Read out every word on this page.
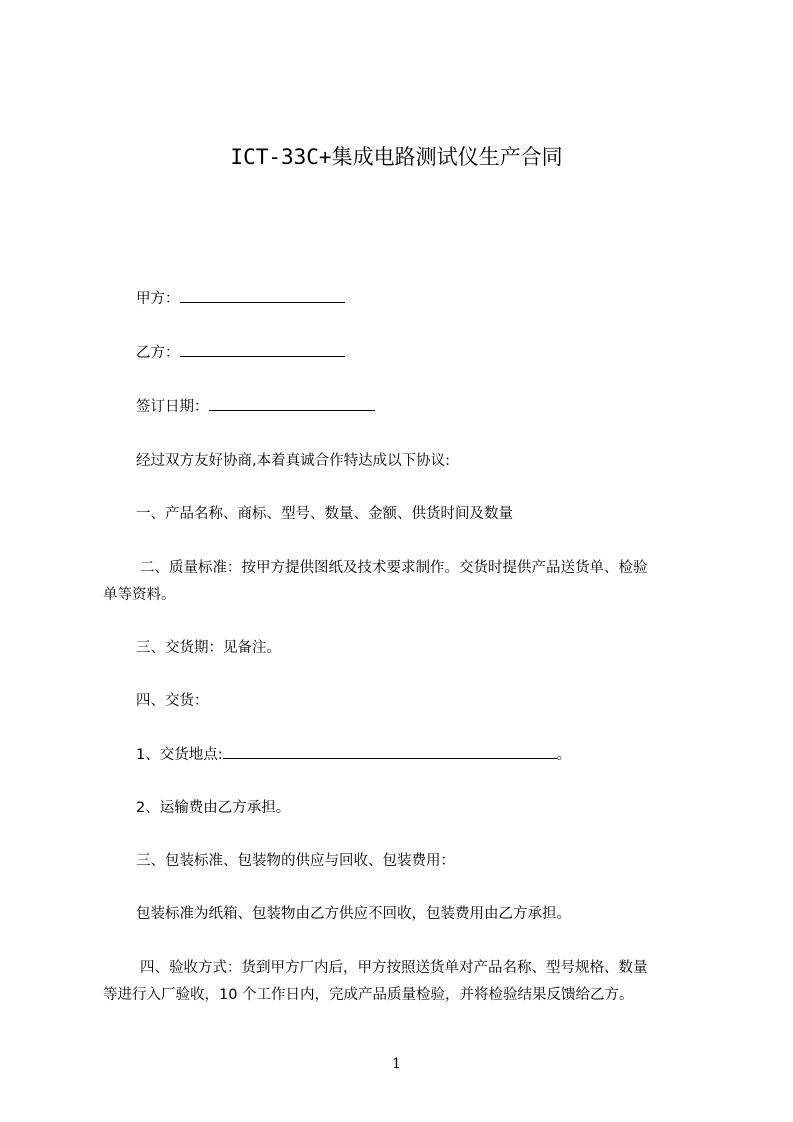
ICT-33C+集成电路测试仪生产合同
甲方：
乙方：
签订日期：
经过双方友好协商,本着真诚合作特达成以下协议:
一、产品名称、商标、型号、数量、金额、供货时间及数量
二、质量标准：按甲方提供图纸及技术要求制作。交货时提供产品送货单、检验
单等资料。
三、交货期：见备注。
四、交货：
1、交货地点:	。
2、运输费由乙方承担。
三、包装标准、包装物的供应与回收、包装费用：
包装标准为纸箱、包装物由乙方供应不回收，包装费用由乙方承担。
四、验收方式：货到甲方厂内后，甲方按照送货单对产品名称、型号规格、数量
等进行入厂验收，10 个工作日内，完成产品质量检验，并将检验结果反馈给乙方。
1
